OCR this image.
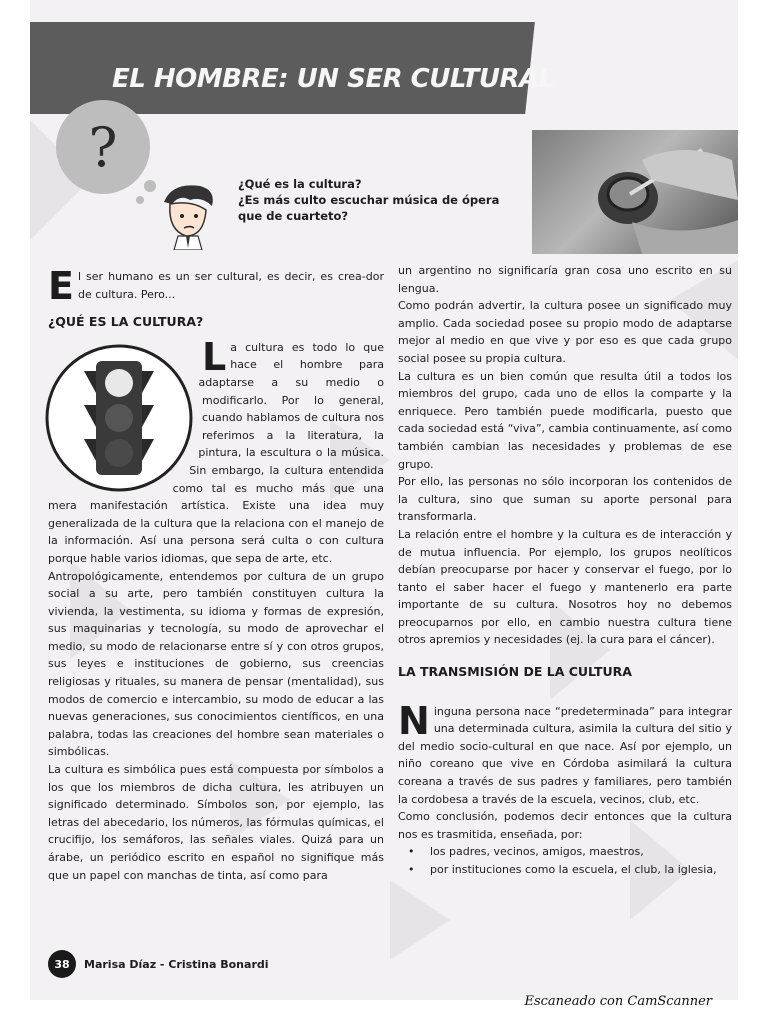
EL HOMBRE: UN SER CULTURAL
?
¿Qué es la cultura?
¿Es más culto escuchar música de ópera
que de cuarteto?

El ser humano es un ser cultural, es decir, es crea-dor de cultura. Pero...

¿QUÉ ES LA CULTURA?

La cultura es todo lo que hace el hombre para adaptarse a su medio o modificarlo. Por lo general, cuando hablamos de cultura nos referimos a la literatura, la pintura, la escultura o la música. Sin embargo, la cultura entendida como tal es mucho más que una mera manifestación artística. Existe una idea muy generalizada de la cultura que la relaciona con el manejo de la información. Así una persona será culta o con cultura porque hable varios idiomas, que sepa de arte, etc.

Antropológicamente, entendemos por cultura de un grupo social a su arte, pero también constituyen cultura la vivienda, la vestimenta, su idioma y formas de expresión, sus maquinarias y tecnología, su modo de aprovechar el medio, su modo de relacionarse entre sí y con otros grupos, sus leyes e instituciones de gobierno, sus creencias religiosas y rituales, su manera de pensar (mentalidad), sus modos de comercio e intercambio, su modo de educar a las nuevas generaciones, sus conocimientos científicos, en una palabra, todas las creaciones del hombre sean materiales o simbólicas.

La cultura es simbólica pues está compuesta por símbolos a los que los miembros de dicha cultura, les atribuyen un significado determinado. Símbolos son, por ejemplo, las letras del abecedario, los números, las fórmulas químicas, el crucifijo, los semáforos, las señales viales. Quizá para un árabe, un periódico escrito en español no signifique más que un papel con manchas de tinta, así como para

un argentino no significaría gran cosa uno escrito en su lengua.

Como podrán advertir, la cultura posee un significado muy amplio. Cada sociedad posee su propio modo de adaptarse mejor al medio en que vive y por eso es que cada grupo social posee su propia cultura.

La cultura es un bien común que resulta útil a todos los miembros del grupo, cada uno de ellos la comparte y la enriquece. Pero también puede modificarla, puesto que cada sociedad está “viva”, cambia continuamente, así como también cambian las necesidades y problemas de ese grupo.

Por ello, las personas no sólo incorporan los contenidos de la cultura, sino que suman su aporte personal para transformarla.

La relación entre el hombre y la cultura es de interacción y de mutua influencia. Por ejemplo, los grupos neolíticos debían preocuparse por hacer y conservar el fuego, por lo tanto el saber hacer el fuego y mantenerlo era parte importante de su cultura. Nosotros hoy no debemos preocuparnos por ello, en cambio nuestra cultura tiene otros apremios y necesidades (ej. la cura para el cáncer).

LA TRANSMISIÓN DE LA CULTURA

Ninguna persona nace “predeterminada” para integrar una determinada cultura, asimila la cultura del sitio y del medio socio-cultural en que nace. Así por ejemplo, un niño coreano que vive en Córdoba asimilará la cultura coreana a través de sus padres y familiares, pero también la cordobesa a través de la escuela, vecinos, club, etc.

Como conclusión, podemos decir entonces que la cultura nos es trasmitida, enseñada, por:

• los padres, vecinos, amigos, maestros,
• por instituciones como la escuela, el club, la iglesia,
38	Marisa Díaz - Cristina Bonardi
Escaneado con CamScanner
